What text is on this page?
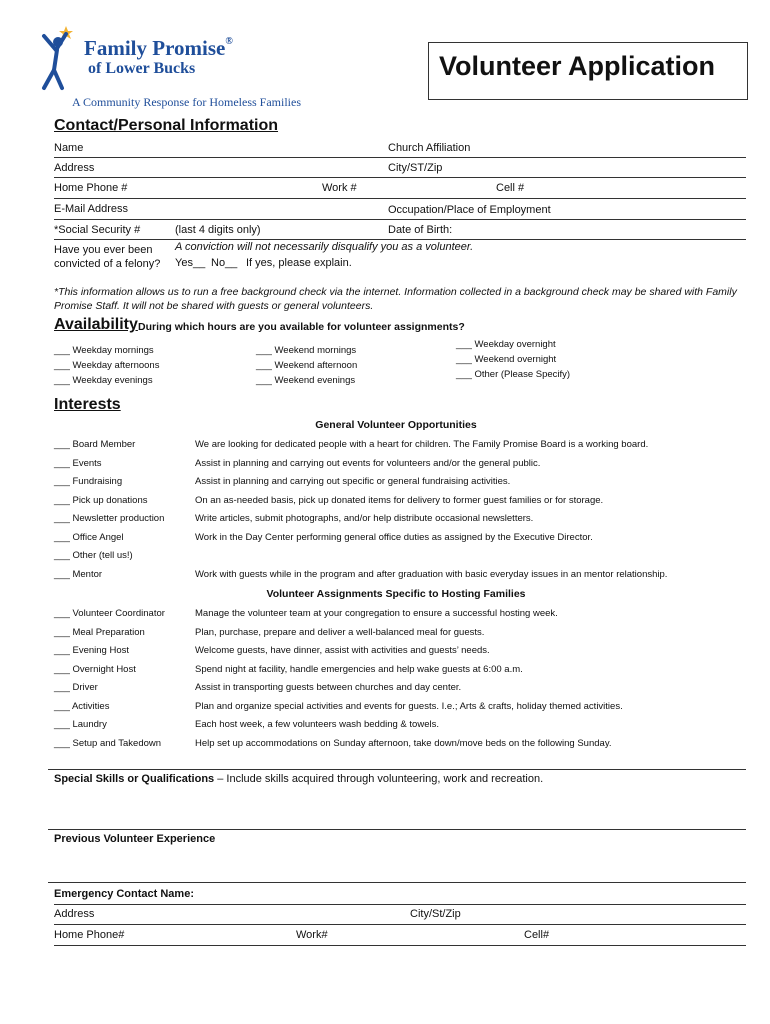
Family Promise®
of Lower Bucks
A Community Response for Homeless Families
Volunteer Application
Contact/Personal Information
Name	Church Affiliation
Address	City/ST/Zip
Home Phone #	Work #	Cell #
E-Mail Address	Occupation/Place of Employment
*Social Security #	(last 4 digits only)	Date of Birth:
Have you ever been
convicted of a felony?
A conviction will not necessarily disqualify you as a volunteer.
Yes__ No__ If yes, please explain.
*This information allows us to run a free background check via the internet. Information collected in a background check may be shared with Family
Promise Staff. It will not be shared with guests or general volunteers.
Availability During which hours are you available for volunteer assignments?
___ Weekday mornings
___ Weekday afternoons
___ Weekday evenings
___ Weekend mornings
___ Weekend afternoon
___ Weekend evenings
___ Weekday overnight
___ Weekend overnight
___ Other (Please Specify)
Interests
General Volunteer Opportunities
___ Board Member	We are looking for dedicated people with a heart for children. The Family Promise Board is a working board.
___ Events	Assist in planning and carrying out events for volunteers and/or the general public.
___ Fundraising	Assist in planning and carrying out specific or general fundraising activities.
___ Pick up donations	On an as-needed basis, pick up donated items for delivery to former guest families or for storage.
___ Newsletter production	Write articles, submit photographs, and/or help distribute occasional newsletters.
___ Office Angel	Work in the Day Center performing general office duties as assigned by the Executive Director.
___ Other (tell us!)
___ Mentor	Work with guests while in the program and after graduation with basic everyday issues in an mentor relationship.
Volunteer Assignments Specific to Hosting Families
___ Volunteer Coordinator	Manage the volunteer team at your congregation to ensure a successful hosting week.
___ Meal Preparation	Plan, purchase, prepare and deliver a well-balanced meal for guests.
___ Evening Host	Welcome guests, have dinner, assist with activities and guests’ needs.
___ Overnight Host	Spend night at facility, handle emergencies and help wake guests at 6:00 a.m.
___ Driver	Assist in transporting guests between churches and day center.
___ Activities	Plan and organize special activities and events for guests. I.e.; Arts & crafts, holiday themed activities.
___ Laundry	Each host week, a few volunteers wash bedding & towels.
___ Setup and Takedown	Help set up accommodations on Sunday afternoon, take down/move beds on the following Sunday.
Special Skills or Qualifications – Include skills acquired through volunteering, work and recreation.
Previous Volunteer Experience
Emergency Contact Name:
Address	City/St/Zip
Home Phone#	Work#	Cell#
